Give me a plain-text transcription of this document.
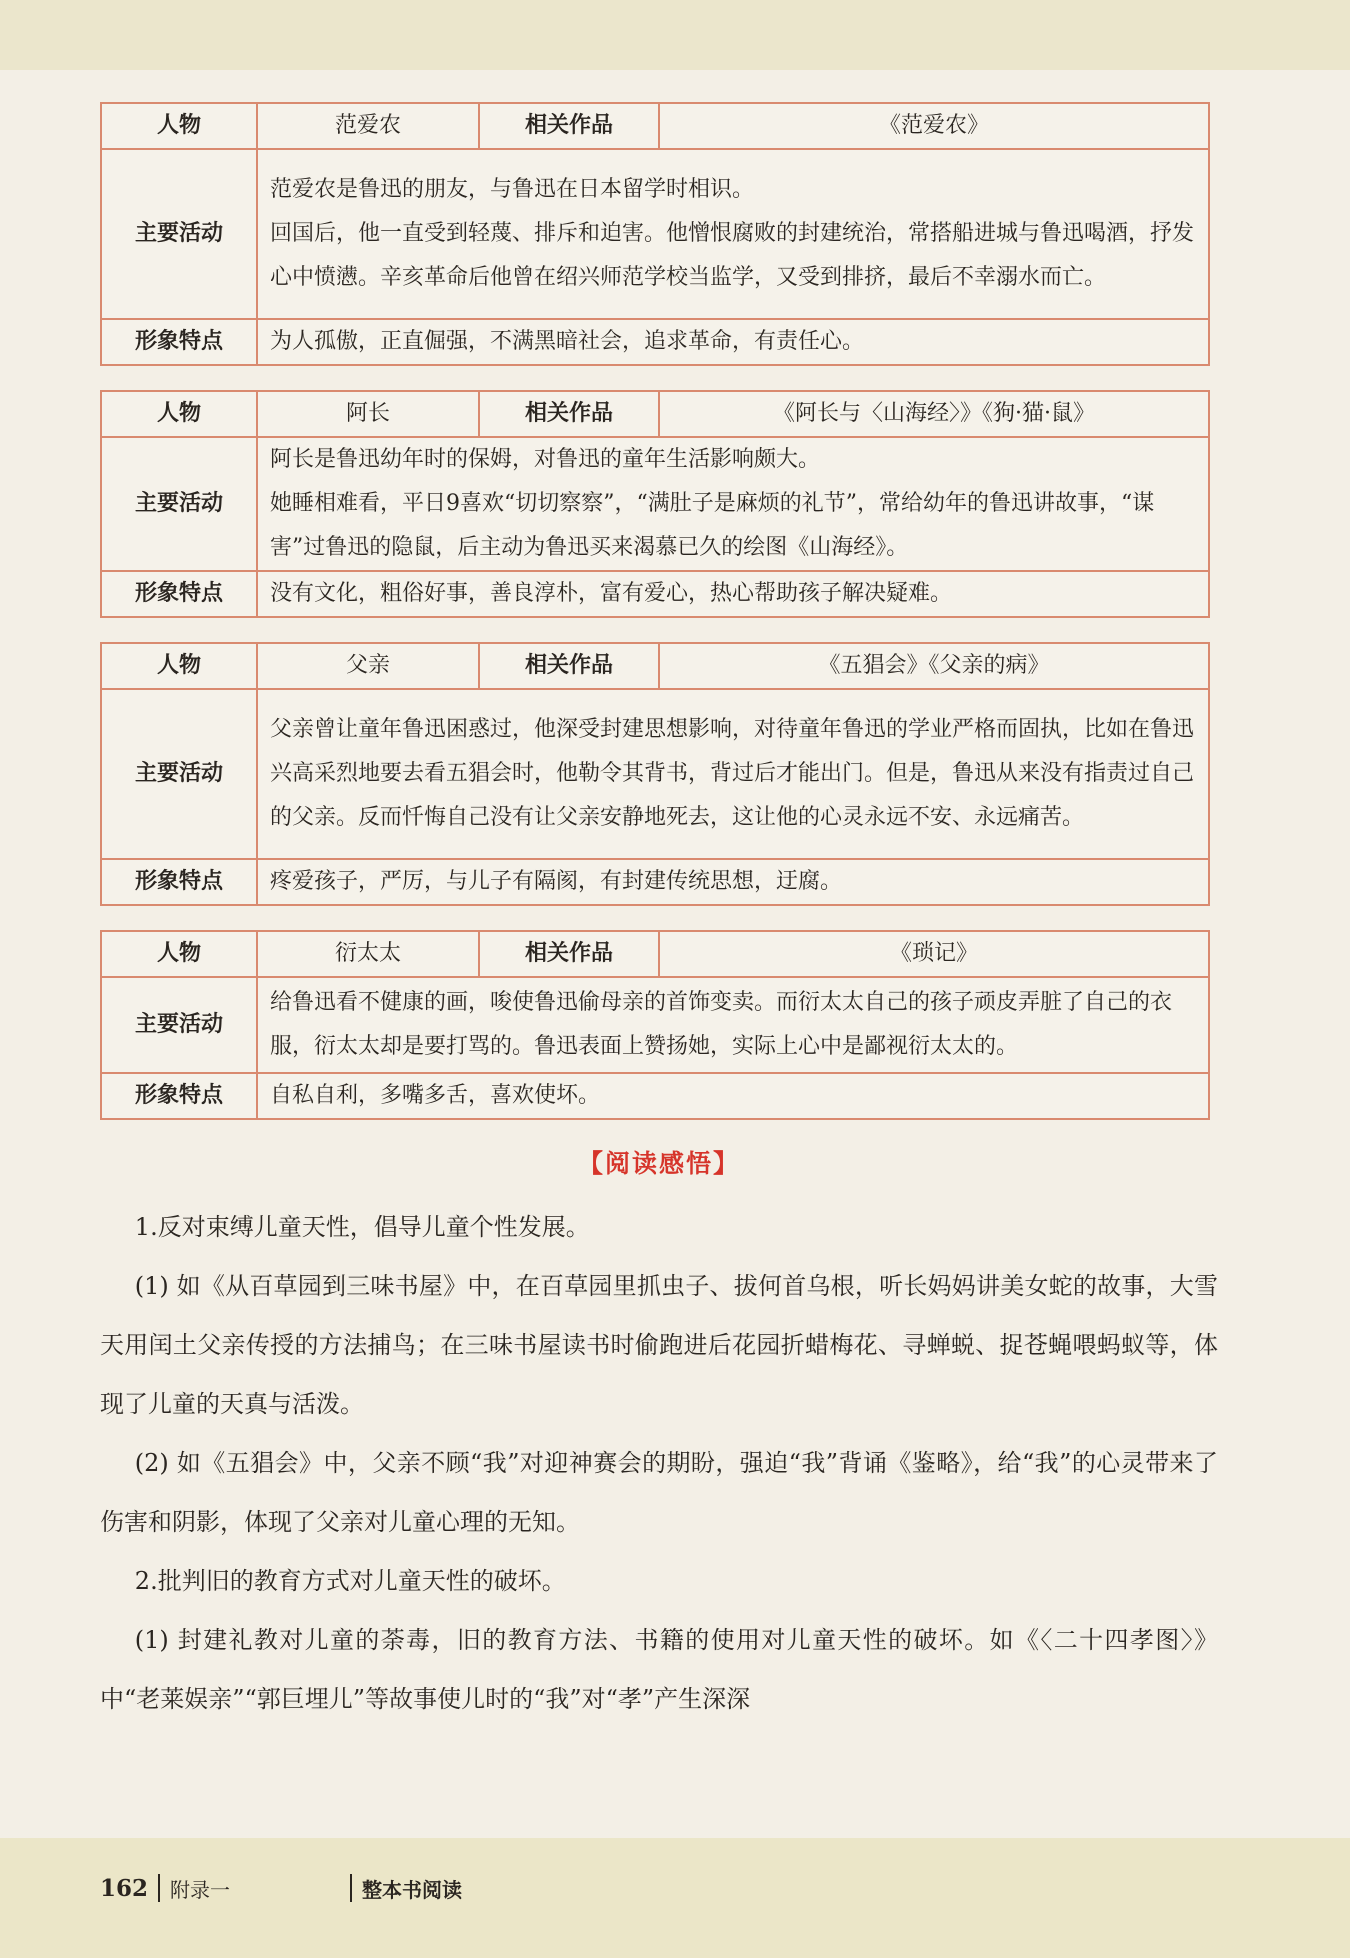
人物	范爱农	相关作品	《范爱农》
主要活动	范爱农是鲁迅的朋友，与鲁迅在日本留学时相识。
回国后，他一直受到轻蔑、排斥和迫害。他憎恨腐败的封建统治，常搭船进城与鲁迅喝酒，抒发心中愤懑。辛亥革命后他曾在绍兴师范学校当监学，又受到排挤，最后不幸溺水而亡。		

形象特点	为人孤傲，正直倔强，不满黑暗社会，追求革命，有责任心。		
人物	阿长	相关作品	《阿长与〈山海经〉》《狗·猫·鼠》
主要活动	阿长是鲁迅幼年时的保姆，对鲁迅的童年生活影响颇大。
她睡相难看，平日9喜欢“切切察察”，“满肚子是麻烦的礼节”，常给幼年的鲁迅讲故事，“谋害”过鲁迅的隐鼠，后主动为鲁迅买来渴慕已久的绘图《山海经》。		

形象特点	没有文化，粗俗好事，善良淳朴，富有爱心，热心帮助孩子解决疑难。		
人物	父亲	相关作品	《五猖会》《父亲的病》
主要活动	父亲曾让童年鲁迅困惑过，他深受封建思想影响，对待童年鲁迅的学业严格而固执，比如在鲁迅兴高采烈地要去看五猖会时，他勒令其背书，背过后才能出门。但是，鲁迅从来没有指责过自己的父亲。反而忏悔自己没有让父亲安静地死去，这让他的心灵永远不安、永远痛苦。		

形象特点	疼爱孩子，严厉，与儿子有隔阂，有封建传统思想，迂腐。		
人物	衍太太	相关作品	《琐记》
主要活动	给鲁迅看不健康的画，唆使鲁迅偷母亲的首饰变卖。而衍太太自己的孩子顽皮弄脏了自己的衣服，衍太太却是要打骂的。鲁迅表面上赞扬她，实际上心中是鄙视衍太太的。		

形象特点	自私自利，多嘴多舌，喜欢使坏。		
【阅读感悟】

1.反对束缚儿童天性，倡导儿童个性发展。

(1) 如《从百草园到三味书屋》中，在百草园里抓虫子、拔何首乌根，听长妈妈讲美女蛇的故事，大雪天用闰土父亲传授的方法捕鸟；在三味书屋读书时偷跑进后花园折蜡梅花、寻蝉蜕、捉苍蝇喂蚂蚁等，体现了儿童的天真与活泼。

(2) 如《五猖会》中，父亲不顾“我”对迎神赛会的期盼，强迫“我”背诵《鉴略》，给“我”的心灵带来了伤害和阴影，体现了父亲对儿童心理的无知。

2.批判旧的教育方式对儿童天性的破坏。

(1) 封建礼教对儿童的荼毒，旧的教育方法、书籍的使用对儿童天性的破坏。如《〈二十四孝图〉》中“老莱娱亲”“郭巨埋儿”等故事使儿时的“我”对“孝”产生深深

162 附录一	整本书阅读
